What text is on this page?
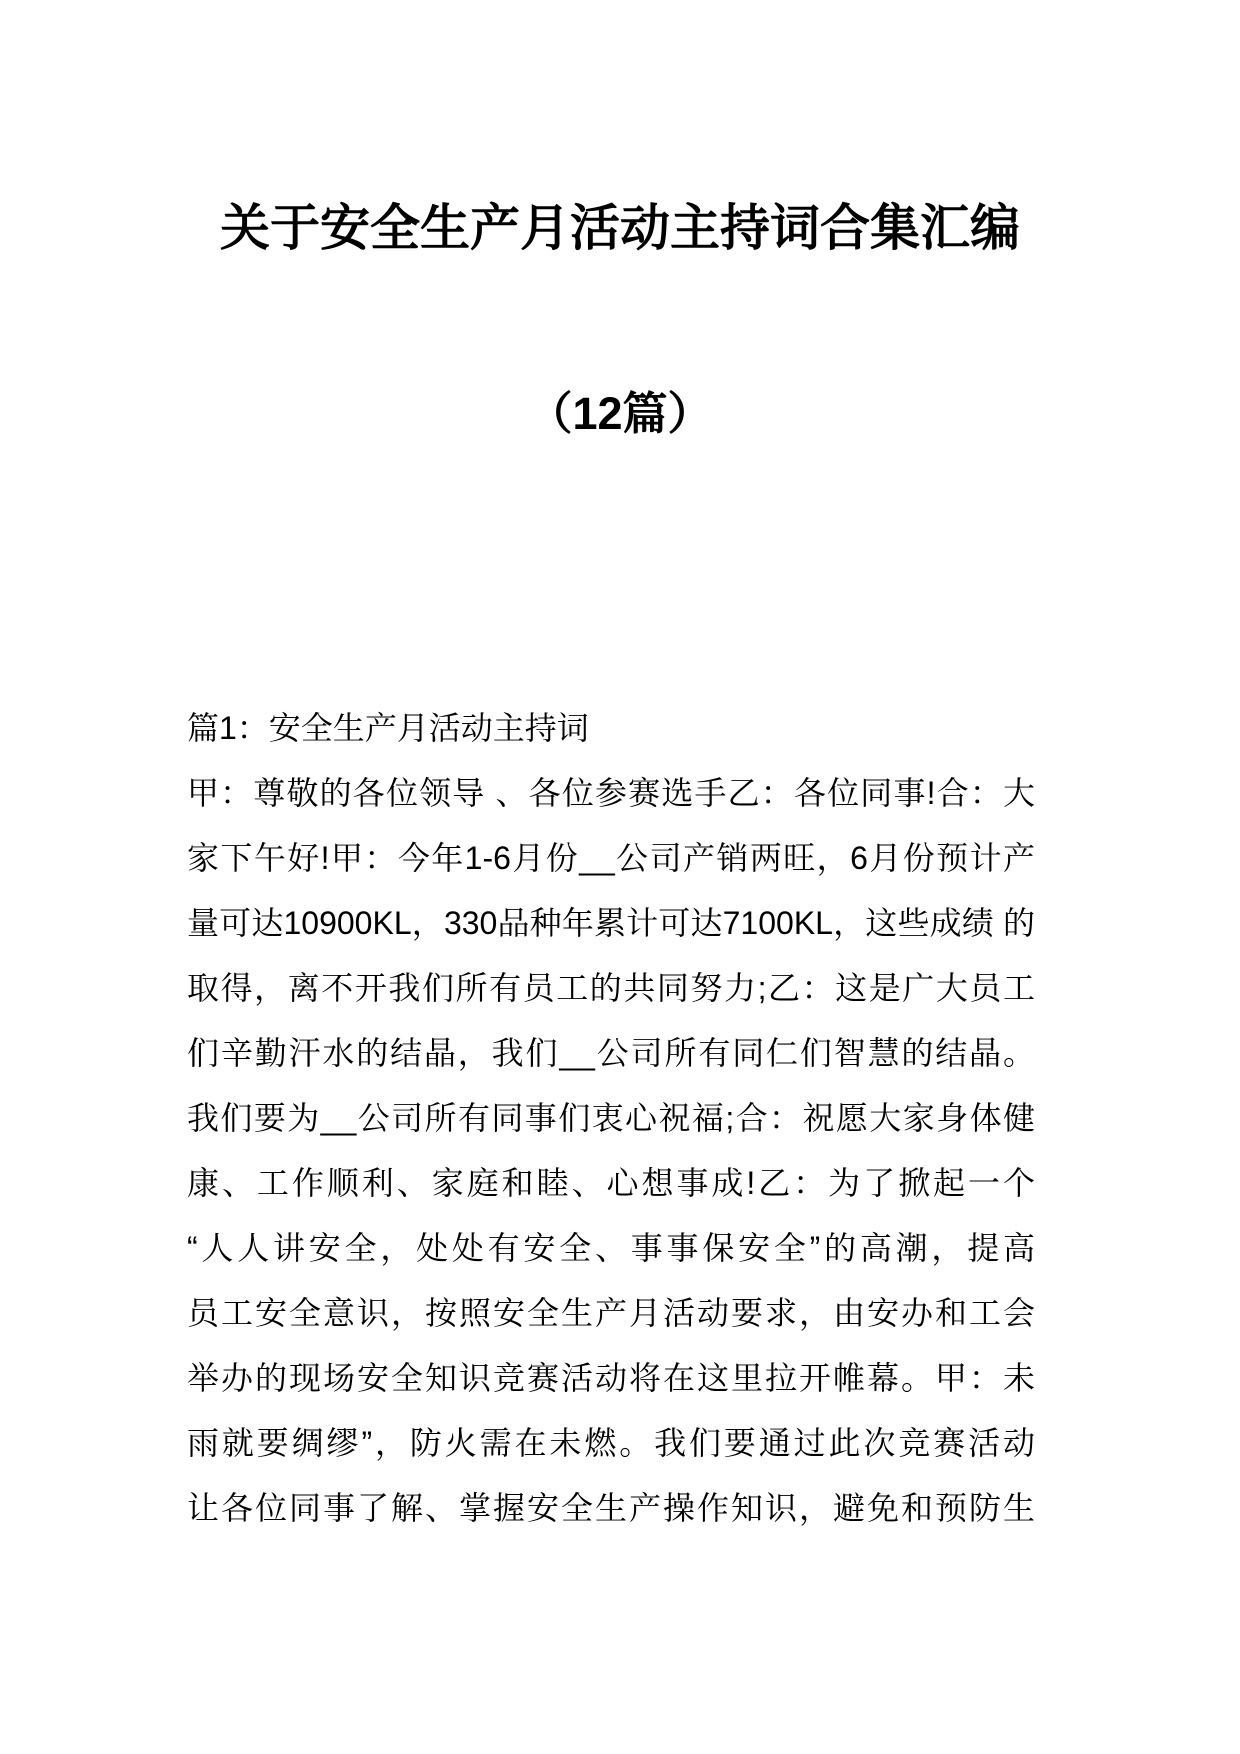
关于安全生产月活动主持词合集汇编
（12篇）
篇1：安全生产月活动主持词
甲：尊敬的各位领导 、各位参赛选手乙：各位同事!合：大
家下午好!甲：今年1-6月份__公司产销两旺，6月份预计产
量可达10900KL，330品种年累计可达7100KL，这些成绩 的
取得，离不开我们所有员工的共同努力;乙：这是广大员工
们辛勤汗水的结晶，我们__公司所有同仁们智慧的结晶。
我们要为__公司所有同事们衷心祝福;合：祝愿大家身体健
康、工作顺利、家庭和睦、心想事成!乙：为了掀起一个
“人人讲安全，处处有安全、事事保安全”的高潮，提高
员工安全意识，按照安全生产月活动要求，由安办和工会
举办的现场安全知识竞赛活动将在这里拉开帷幕。甲：未
雨就要绸缪”，防火需在未燃。我们要通过此次竞赛活动
让各位同事了解、掌握安全生产操作知识，避免和预防生
